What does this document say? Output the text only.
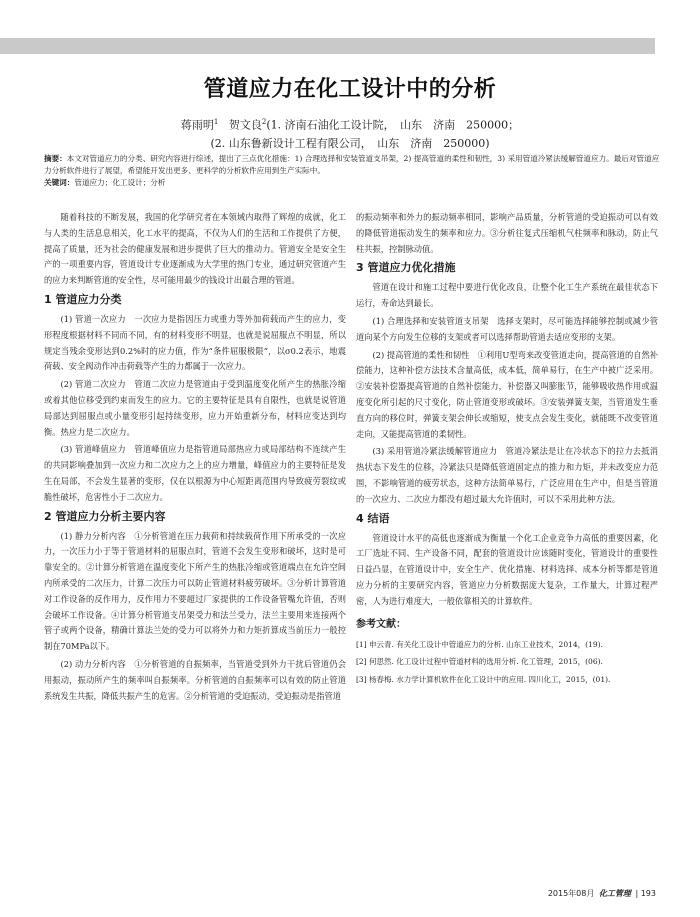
管道应力在化工设计中的分析
蒋雨明$^1$ 贺文良$^2$(1. 济南石油化工设计院，　山东　济南　250000；
(2. 山东鲁新设计工程有限公司，　山东　济南　250000)
摘要：本文对管道应力的分类、研究内容进行综述，提出了三点优化措施：1) 合理选择和安装管道支吊架，2) 提高管道的柔性和韧性，3) 采用管道冷紧法缓解管道应力。最后对管道应力分析软件进行了展望，希望能开发出更多、更科学的分析软件应用到生产实际中。
关键词：管道应力；化工设计；分析

随着科技的不断发展，我国的化学研究者在本领域内取得了辉煌的成就，化工与人类的生活息息相关，化工水平的提高，不仅为人们的生活和工作提供了方便，提高了质量，还为社会的健康发展和进步提供了巨大的推动力。管道安全是安全生产的一项重要内容，管道设计专业逐渐成为大学里的热门专业，通过研究管道产生的应力来判断管道的安全性，尽可能用最少的钱设计出最合理的管道。

1 管道应力分类

(1) 管道一次应力　一次应力是指因压力或重力等外加荷载而产生的应力，变形程度根据材料不同而不同，有的材料变形不明显，也就是说屈服点不明显，所以规定当残余变形达到0.2%时的应力值，作为“条件屈服极限”，以σ0.2表示，地震荷载、安全阀动作冲击荷载等产生的力都属于一次应力。

(2) 管道二次应力　管道二次应力是管道由于受到温度变化所产生的热胀冷缩或着其他位移受到约束而发生的应力。它的主要特征是具有自限性，也就是说管道局部达到屈服点或小量变形引起持续变形，应力开始重新分布，材料应变达到均衡。热应力是二次应力。

(3) 管道峰值应力　管道峰值应力是指管道局部热应力或局部结构不连续产生的共同影响叠加到一次应力和二次应力之上的应力增量，峰值应力的主要特征是发生在局部，不会发生显著的变形，仅在以根源为中心短距离范围内导致疲劳裂纹或脆性破坏，危害性小于二次应力。

2 管道应力分析主要内容

(1) 静力分析内容　①分析管道在压力载荷和持续载荷作用下所承受的一次应力，一次压力小于等于管道材料的屈服点时，管道不会发生变形和破坏，这时是可靠安全的。②计算分析管道在温度变化下所产生的热胀冷缩或管道端点在允许空间内所承受的二次压力，计算二次压力可以防止管道材料疲劳破坏。③分析计算管道对工作设备的反作用力，反作用力不要超过厂家提供的工作设备管嘴允许值，否则会破坏工作设备。④计算分析管道支吊架受力和法兰受力，法兰主要用来连接两个管子或两个设备，精确计算法兰处的受力可以将外力和力矩折算成当前压力一般控制在70MPa以下。

(2) 动力分析内容　①分析管道的自振频率，当管道受到外力干扰后管道仍会用振动，振动所产生的频率叫自振频率。分析管道的自振频率可以有效的防止管道系统发生共振，降低共振产生的危害。②分析管道的受迫振动，受迫振动是指管道

的振动频率和外力的振动频率相同，影响产品质量，分析管道的受迫振动可以有效的降低管道振动发生的频率和应力。③分析往复式压缩机气柱频率和脉动，防止气柱共振，控制脉动值。

3 管道应力优化措施

管道在设计和施工过程中要进行优化改良，让整个化工生产系统在最佳状态下运行，寿命达到最长。

(1) 合理选择和安装管道支吊架　选择支架时，尽可能选择能够控制或减少管道向某个方向发生位移的支架或者可以选择帮助管道去适应变形的支架。

(2) 提高管道的柔性和韧性　①利用U型弯来改变管道走向，提高管道的自然补偿能力，这种补偿方法技术含量高低，成本低，简单易行，在生产中被广泛采用。②安装补偿器提高管道的自然补偿能力，补偿器又叫膨胀节，能够吸收热作用或温度变化所引起的尺寸变化，防止管道变形或破坏。③安装弹簧支架，当管道发生垂直方向的移位时，弹簧支架会伸长或缩短，使支点会发生变化，就能既不改变管道走向，又能提高管道的柔韧性。

(3) 采用管道冷紧法缓解管道应力　管道冷紧法是让在冷状态下的拉力去抵消热状态下发生的位移，冷紧法只是降低管道固定点的推力和力矩，并未改变应力范围，不影响管道的疲劳状态，这种方法简单易行，广泛应用在生产中，但是当管道的一次应力、二次应力都没有超过最大允许值时，可以不采用此种方法。

4 结语

管道设计水平的高低也逐渐成为衡量一个化工企业竞争力高低的重要因素，化工厂选址不同、生产设备不同，配套的管道设计应该随时变化，管道设计的重要性日益凸显，在管道设计中，安全生产、优化措施、材料选择、成本分析等都是管道应力分析的主要研究内容，管道应力分析数据庞大复杂，工作量大，计算过程严密，人为进行难度大，一般依靠相关的计算软件。

参考文献：

[1] 申云青. 有关化工设计中管道应力的分析. 山东工业技术，2014，(19).

[2] 何思然. 化工设计过程中管道材料的选用分析. 化工管理，2015，(06).

[3] 杨春梅. 水力学计算机软件在化工设计中的应用. 四川化工，2015，(01).

2015年08月 化工管理 | 193
